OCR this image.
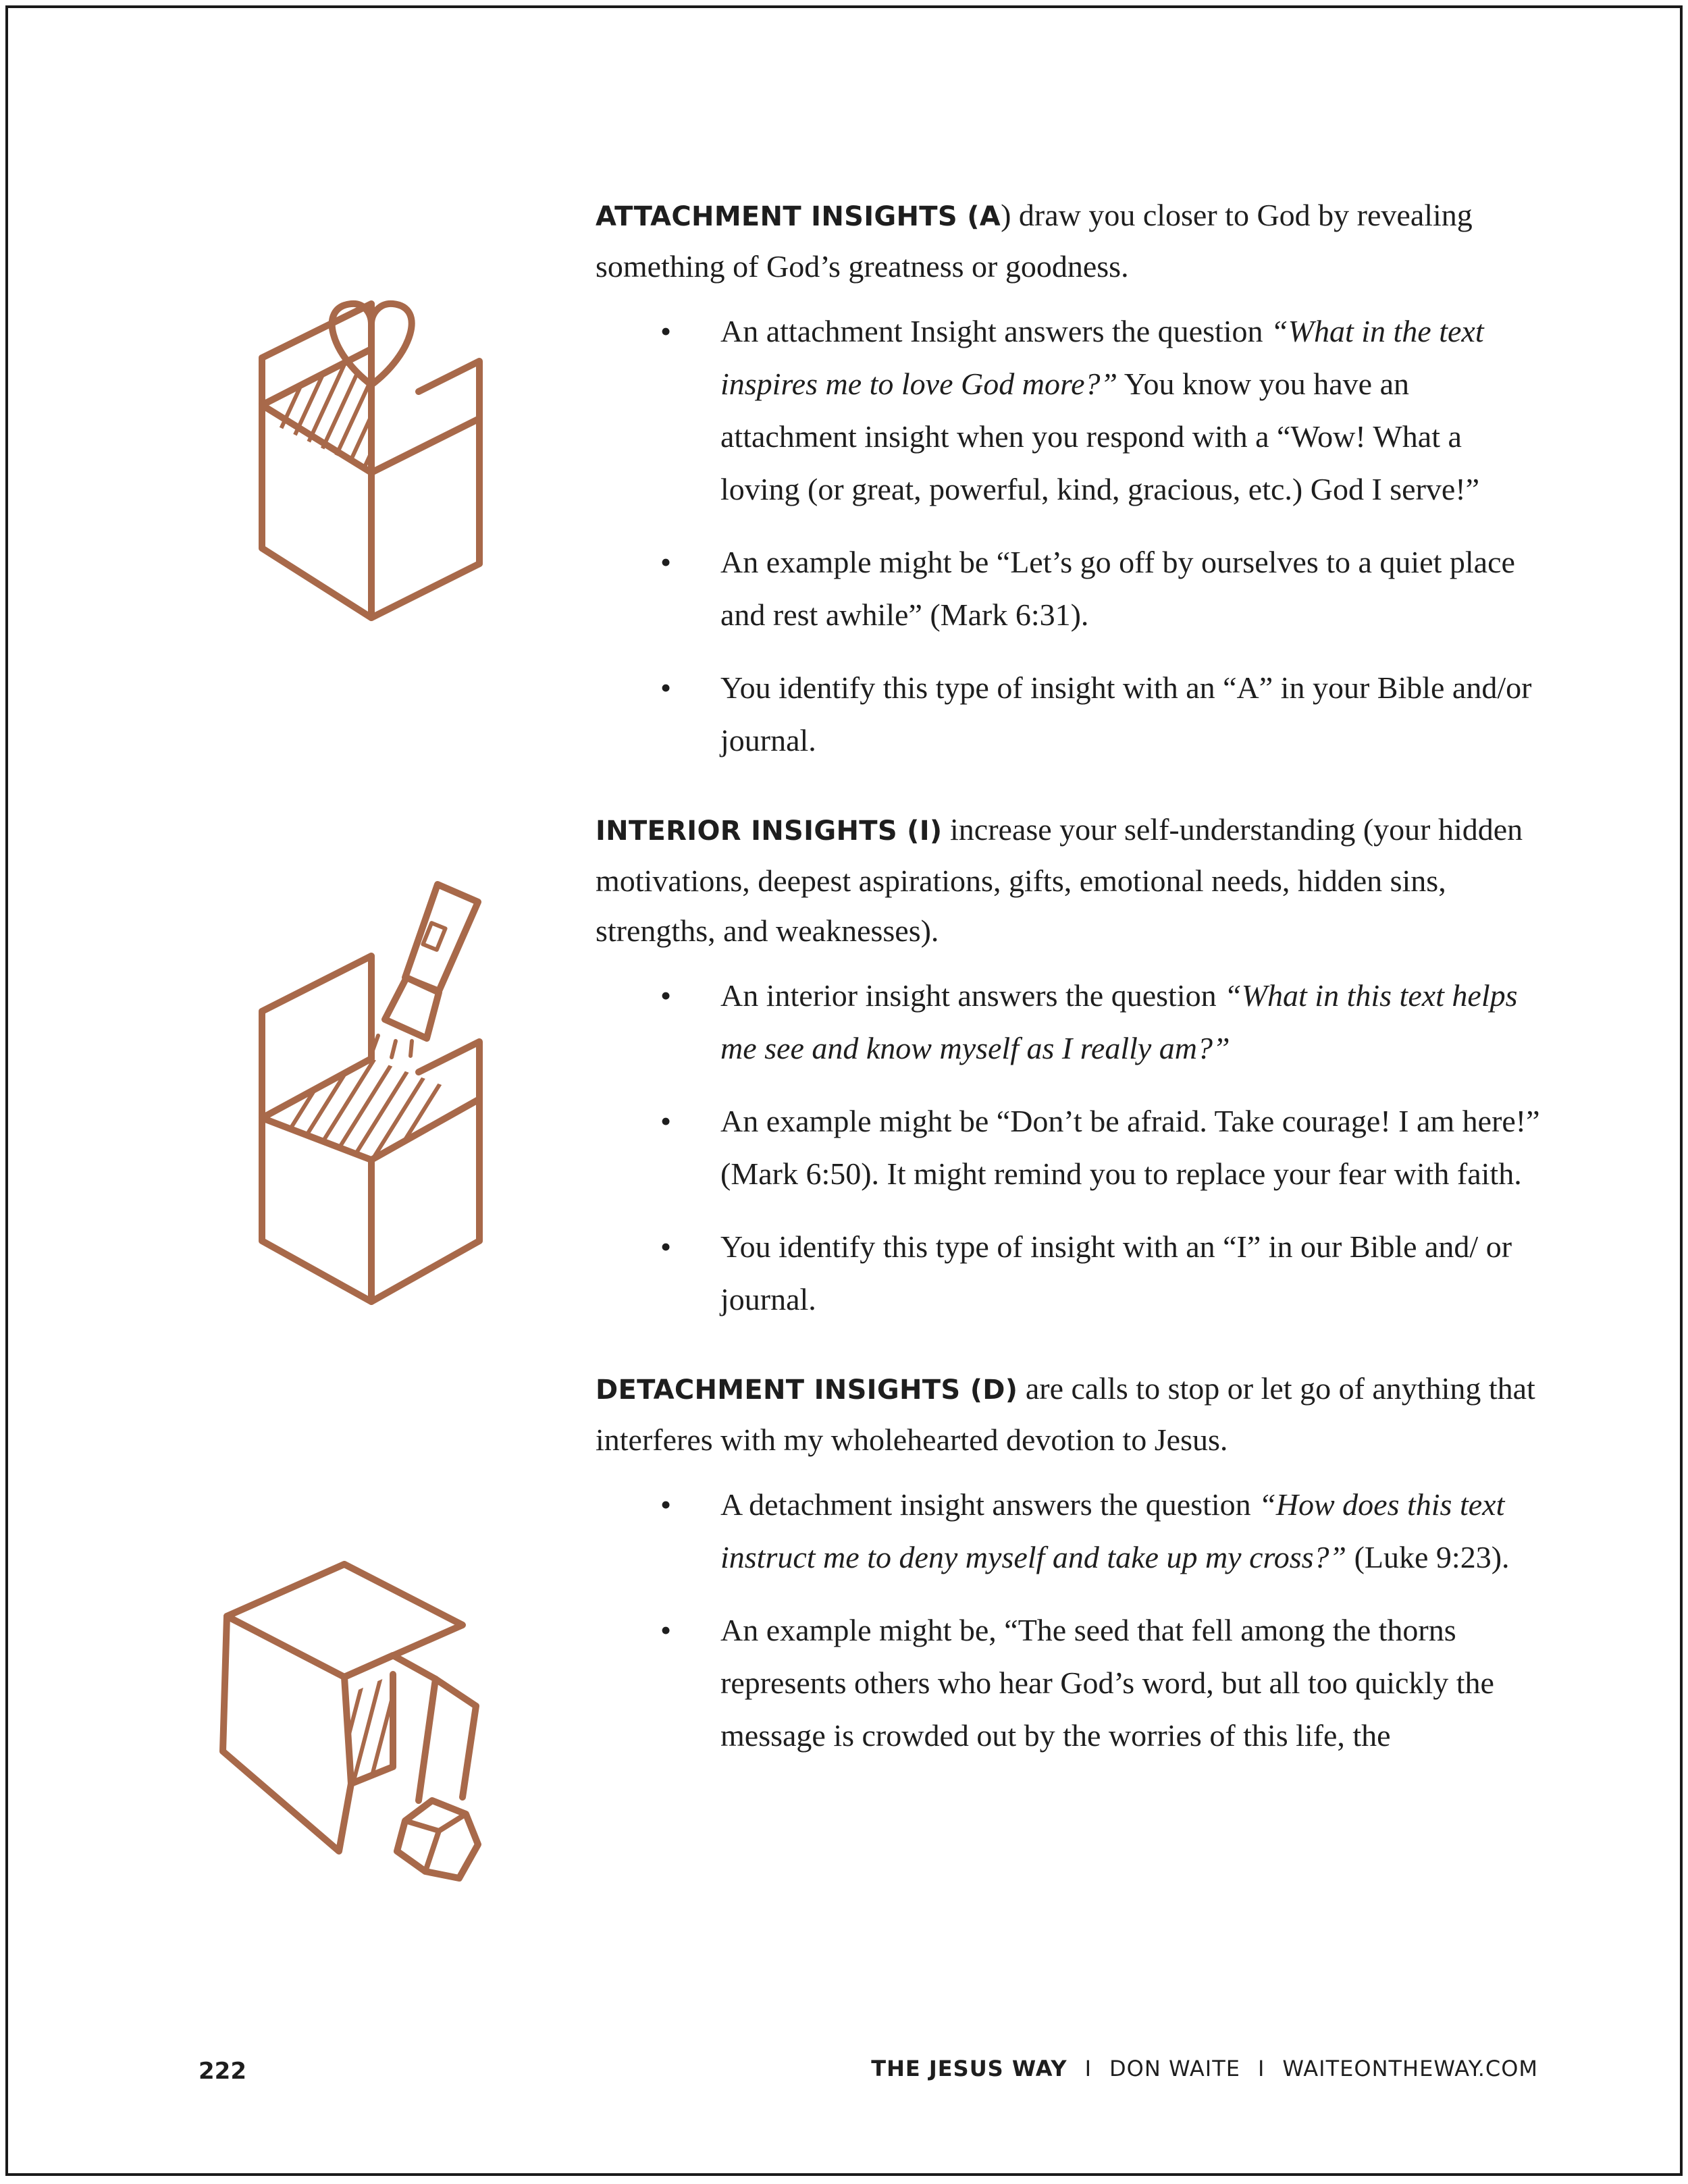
ATTACHMENT INSIGHTS (A) draw you closer to God by revealing something of God’s greatness or goodness.

• An attachment Insight answers the question “What in the text inspires me to love God more?” You know you have an attachment insight when you respond with a “Wow! What a loving (or great, powerful, kind, gracious, etc.) God I serve!”
• An example might be “Let’s go off by ourselves to a quiet place and rest awhile” (Mark 6:31).
• You identify this type of insight with an “A” in your Bible and/or journal.

INTERIOR INSIGHTS (I) increase your self-understanding (your hidden motivations, deepest aspirations, gifts, emotional needs, hidden sins, strengths, and weaknesses).

• An interior insight answers the question “What in this text helps me see and know myself as I really am?”
• An example might be “Don’t be afraid. Take courage! I am here!” (Mark 6:50). It might remind you to replace your fear with faith.
• You identify this type of insight with an “I” in our Bible and/ or journal.

DETACHMENT INSIGHTS (D) are calls to stop or let go of anything that interferes with my wholehearted devotion to Jesus.

• A detachment insight answers the question “How does this text instruct me to deny myself and take up my cross?” (Luke 9:23).
• An example might be, “The seed that fell among the thorns represents others who hear God’s word, but all too quickly the message is crowded out by the worries of this life, the
222	THE JESUS WAY I DON WAITE I WAITEONTHEWAY.COM
